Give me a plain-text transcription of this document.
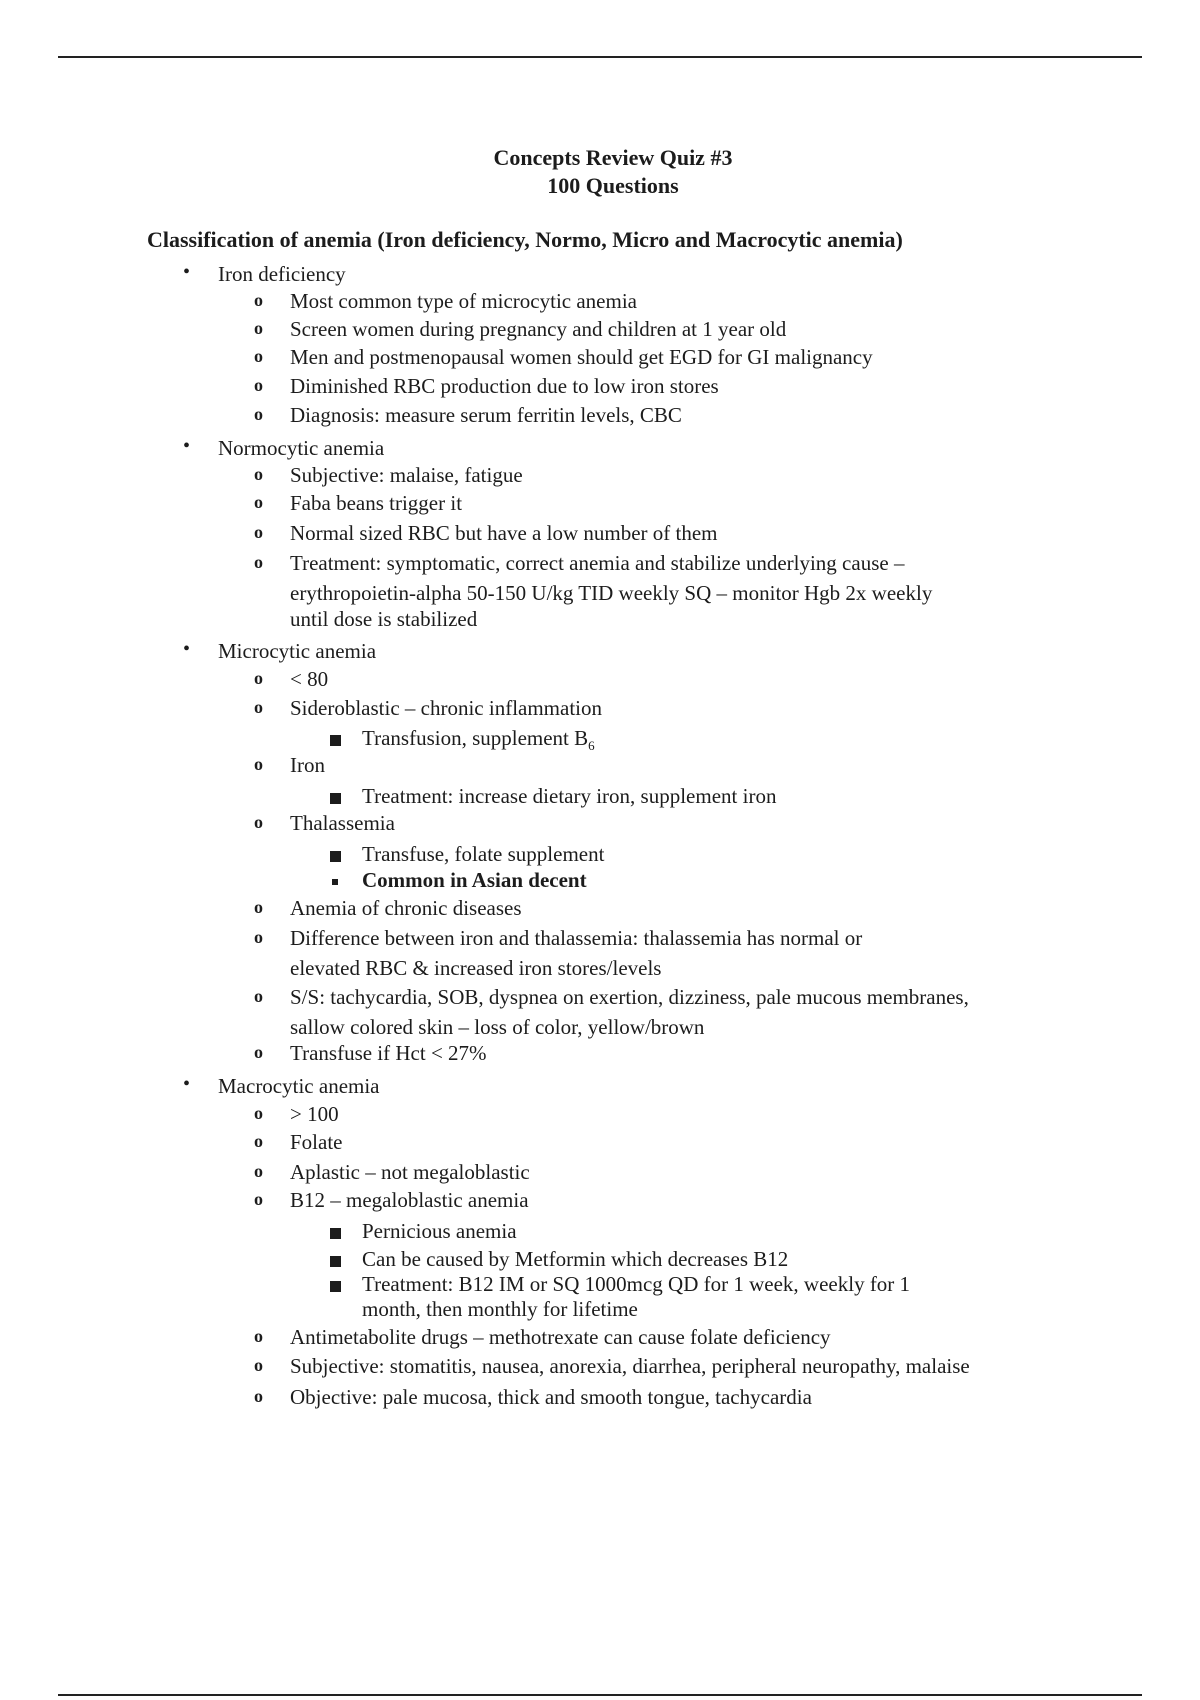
Concepts Review Quiz #3
100 Questions
Classification of anemia (Iron deficiency, Normo, Micro and Macrocytic anemia)
• Iron deficiency
o Most common type of microcytic anemia
o Screen women during pregnancy and children at 1 year old
o Men and postmenopausal women should get EGD for GI malignancy
o Diminished RBC production due to low iron stores
o Diagnosis: measure serum ferritin levels, CBC
• Normocytic anemia
o Subjective: malaise, fatigue
o Faba beans trigger it
o Normal sized RBC but have a low number of them
o Treatment: symptomatic, correct anemia and stabilize underlying cause –
erythropoietin-alpha 50-150 U/kg TID weekly SQ – monitor Hgb 2x weekly
until dose is stabilized
• Microcytic anemia
o < 80
o Sideroblastic – chronic inflammation
Transfusion, supplement $B_6$
o Iron
Treatment: increase dietary iron, supplement iron
o Thalassemia
Transfuse, folate supplement
Common in Asian decent
o Anemia of chronic diseases
o Difference between iron and thalassemia: thalassemia has normal or
elevated RBC & increased iron stores/levels
o S/S: tachycardia, SOB, dyspnea on exertion, dizziness, pale mucous membranes,
sallow colored skin – loss of color, yellow/brown
o Transfuse if Hct < 27%
• Macrocytic anemia
o > 100
o Folate
o Aplastic – not megaloblastic
o B12 – megaloblastic anemia
Pernicious anemia
Can be caused by Metformin which decreases B12
Treatment: B12 IM or SQ 1000mcg QD for 1 week, weekly for 1
month, then monthly for lifetime
o Antimetabolite drugs – methotrexate can cause folate deficiency
o Subjective: stomatitis, nausea, anorexia, diarrhea, peripheral neuropathy, malaise
o Objective: pale mucosa, thick and smooth tongue, tachycardia
